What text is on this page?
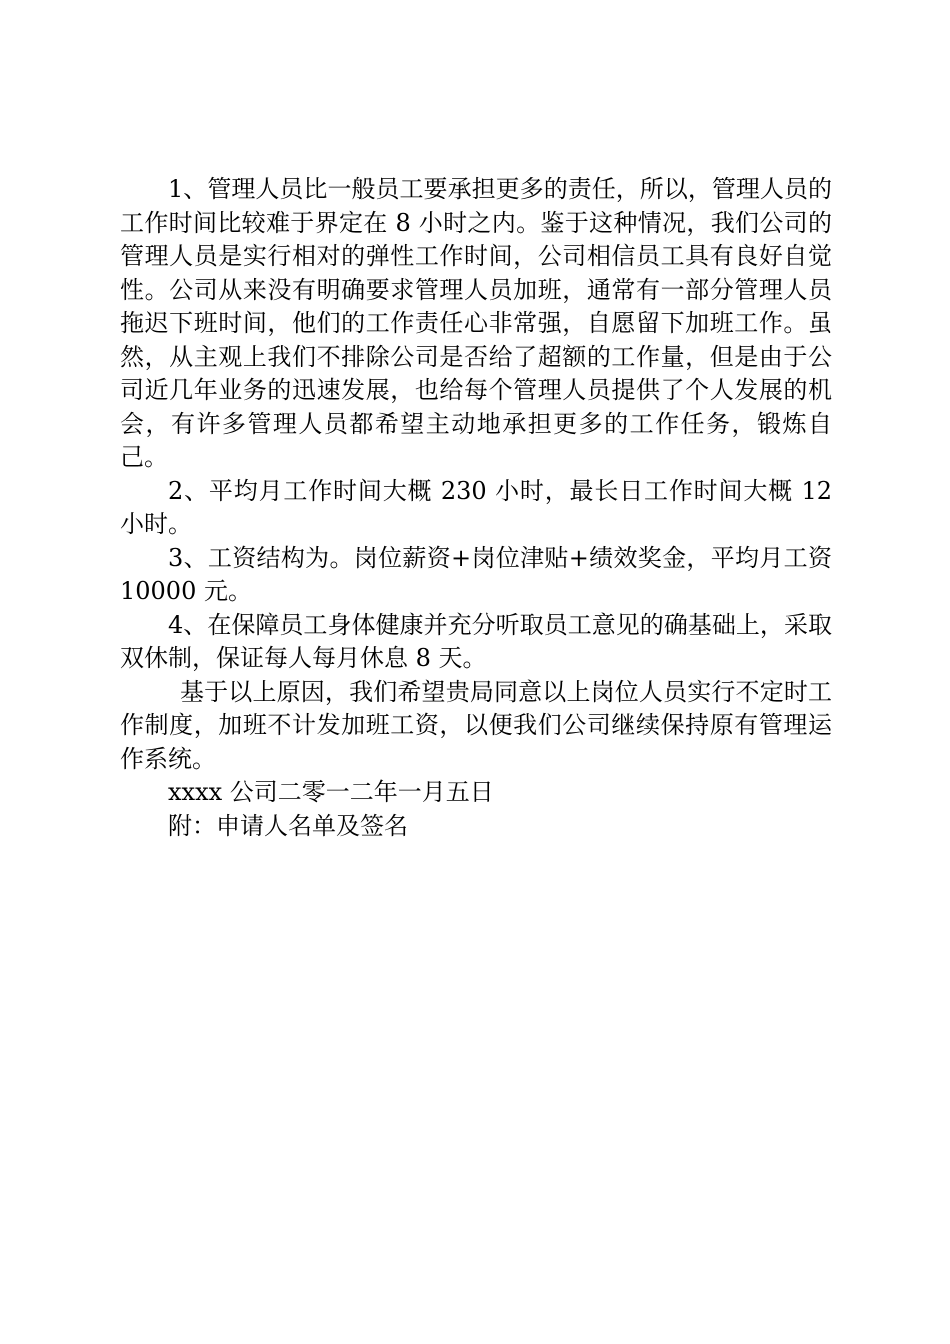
1、管理人员比一般员工要承担更多的责任，所以，管理人员的工作时间比较难于界定在 8 小时之内。鉴于这种情况，我们公司的管理人员是实行相对的弹性工作时间，公司相信员工具有良好自觉性。公司从来没有明确要求管理人员加班，通常有一部分管理人员拖迟下班时间，他们的工作责任心非常强，自愿留下加班工作。虽然，从主观上我们不排除公司是否给了超额的工作量，但是由于公司近几年业务的迅速发展，也给每个管理人员提供了个人发展的机会，有许多管理人员都希望主动地承担更多的工作任务，锻炼自己。

2、平均月工作时间大概 230 小时，最长日工作时间大概 12 小时。

3、工资结构为。岗位薪资+岗位津贴+绩效奖金，平均月工资 10000 元。

4、在保障员工身体健康并充分听取员工意见的确基础上，采取双休制，保证每人每月休息 8 天。

基于以上原因，我们希望贵局同意以上岗位人员实行不定时工作制度，加班不计发加班工资，以便我们公司继续保持原有管理运作系统。

xxxx 公司二零一二年一月五日

附：申请人名单及签名
